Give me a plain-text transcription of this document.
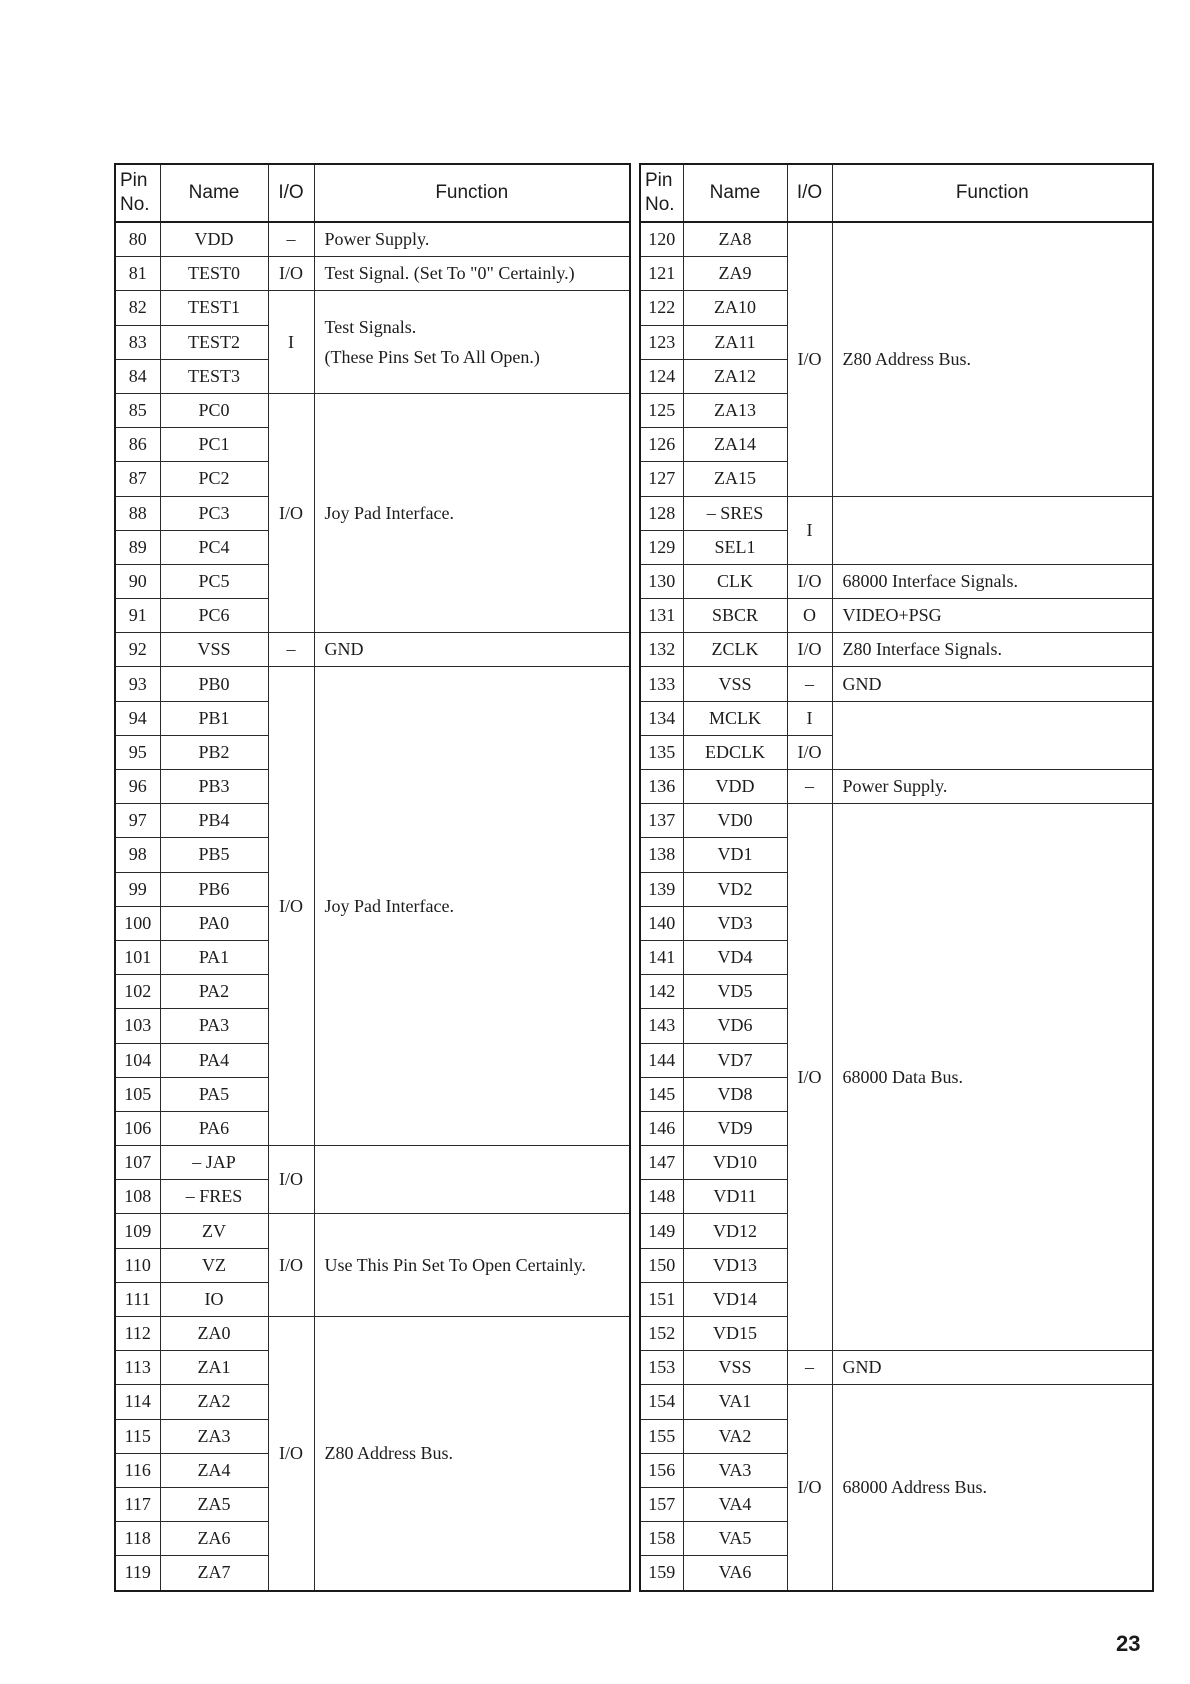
Pin
No.	Name	I/O	Function
80	VDD	–	Power Supply.
81	TEST0	I/O	Test Signal. (Set To "0" Certainly.)
82	TEST1	I	Test Signals.
(These Pins Set To All Open.)

83	TEST2		
84	TEST3		
85	PC0	I/O	Joy Pad Interface.
86	PC1		
87	PC2		
88	PC3		
89	PC4		
90	PC5		
91	PC6		
92	VSS	–	GND
93	PB0	I/O	Joy Pad Interface.
94	PB1		
95	PB2		
96	PB3		
97	PB4		
98	PB5		
99	PB6		
100	PA0		
101	PA1		
102	PA2		
103	PA3		
104	PA4		
105	PA5		
106	PA6		
107	– JAP	I/O	
108	– FRES		
109	ZV	I/O	Use This Pin Set To Open Certainly.
110	VZ		
111	IO		
112	ZA0	I/O	Z80 Address Bus.
113	ZA1		
114	ZA2		
115	ZA3		
116	ZA4		
117	ZA5		
118	ZA6		
119	ZA7		
Pin
No.	Name	I/O	Function
120	ZA8	I/O	Z80 Address Bus.
121	ZA9		
122	ZA10		
123	ZA11		
124	ZA12		
125	ZA13		
126	ZA14		
127	ZA15		
128	– SRES	I	
129	SEL1		
130	CLK	I/O	68000 Interface Signals.
131	SBCR	O	VIDEO+PSG
132	ZCLK	I/O	Z80 Interface Signals.
133	VSS	–	GND
134	MCLK	I	
135	EDCLK	I/O	
136	VDD	–	Power Supply.
137	VD0	I/O	68000 Data Bus.
138	VD1		
139	VD2		
140	VD3		
141	VD4		
142	VD5		
143	VD6		
144	VD7		
145	VD8		
146	VD9		
147	VD10		
148	VD11		
149	VD12		
150	VD13		
151	VD14		
152	VD15		
153	VSS	–	GND
154	VA1	I/O	68000 Address Bus.
155	VA2		
156	VA3		
157	VA4		
158	VA5		
159	VA6		
23
